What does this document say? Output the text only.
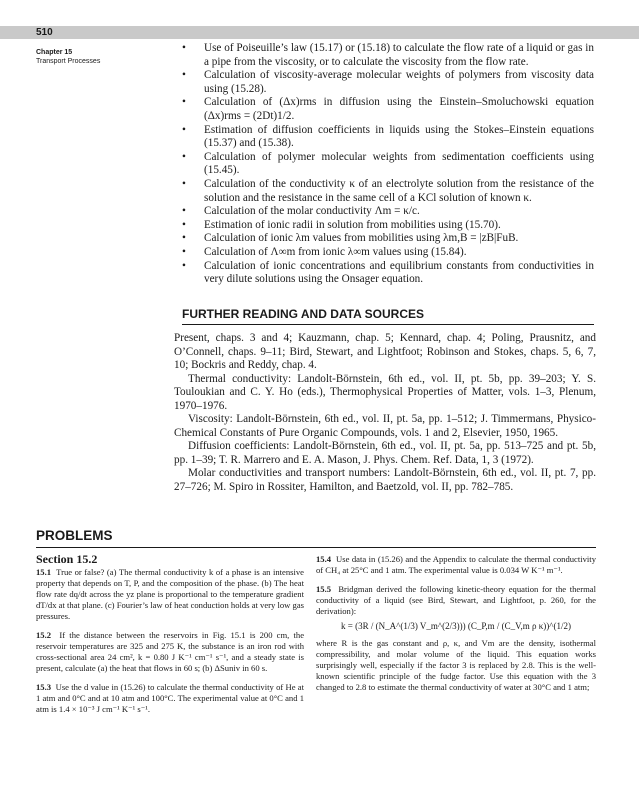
510
Chapter 15
Transport Processes
• Use of Poiseuille’s law (15.17) or (15.18) to calculate the flow rate of a liquid or gas in a pipe from the viscosity, or to calculate the viscosity from the flow rate.
• Calculation of viscosity-average molecular weights of polymers from viscosity data using (15.28).
• Calculation of (Δx)rms in diffusion using the Einstein–Smoluchowski equation (Δx)rms = (2Dt)1/2.
• Estimation of diffusion coefficients in liquids using the Stokes–Einstein equations (15.37) and (15.38).
• Calculation of polymer molecular weights from sedimentation coefficients using (15.45).
• Calculation of the conductivity κ of an electrolyte solution from the resistance of the solution and the resistance in the same cell of a KCl solution of known κ.
• Calculation of the molar conductivity Λm = κ/c.
• Estimation of ionic radii in solution from mobilities using (15.70).
• Calculation of ionic λm values from mobilities using λm,B = |zB|FuB.
• Calculation of Λ∞m from ionic λ∞m values using (15.84).
• Calculation of ionic concentrations and equilibrium constants from conductivities in very dilute solutions using the Onsager equation.
FURTHER READING AND DATA SOURCES

Present, chaps. 3 and 4; Kauzmann, chap. 5; Kennard, chap. 4; Poling, Prausnitz, and O’Connell, chaps. 9–11; Bird, Stewart, and Lightfoot; Robinson and Stokes, chaps. 5, 6, 7, 10; Bockris and Reddy, chap. 4.

Thermal conductivity: Landolt-Börnstein, 6th ed., vol. II, pt. 5b, pp. 39–203; Y. S. Touloukian and C. Y. Ho (eds.), Thermophysical Properties of Matter, vols. 1–3, Plenum, 1970–1976.

Viscosity: Landolt-Börnstein, 6th ed., vol. II, pt. 5a, pp. 1–512; J. Timmermans, Physico-Chemical Constants of Pure Organic Compounds, vols. 1 and 2, Elsevier, 1950, 1965.

Diffusion coefficients: Landolt-Börnstein, 6th ed., vol. II, pt. 5a, pp. 513–725 and pt. 5b, pp. 1–39; T. R. Marrero and E. A. Mason, J. Phys. Chem. Ref. Data, 1, 3 (1972).

Molar conductivities and transport numbers: Landolt-Börnstein, 6th ed., vol. II, pt. 7, pp. 27–726; M. Spiro in Rossiter, Hamilton, and Baetzold, vol. II, pp. 782–785.

PROBLEMS

Section 15.2

15.1 True or false? (a) The thermal conductivity k of a phase is an intensive property that depends on T, P, and the composition of the phase. (b) The heat flow rate dq/dt across the yz plane is proportional to the temperature gradient dT/dx at that plane. (c) Fourier’s law of heat conduction holds at very low gas pressures.

15.2 If the distance between the reservoirs in Fig. 15.1 is 200 cm, the reservoir temperatures are 325 and 275 K, the substance is an iron rod with cross-sectional area 24 cm², k = 0.80 J K⁻¹ cm⁻¹ s⁻¹, and a steady state is present, calculate (a) the heat that flows in 60 s; (b) ΔSuniv in 60 s.

15.3 Use the d value in (15.26) to calculate the thermal conductivity of He at 1 atm and 0°C and at 10 atm and 100°C. The experimental value at 0°C and 1 atm is 1.4 × 10⁻³ J cm⁻¹ K⁻¹ s⁻¹.

15.4 Use data in (15.26) and the Appendix to calculate the thermal conductivity of CH₄ at 25°C and 1 atm. The experimental value is 0.034 W K⁻¹ m⁻¹.

15.5 Bridgman derived the following kinetic-theory equation for the thermal conductivity of a liquid (see Bird, Stewart, and Lightfoot, p. 260, for the derivation):

k = (3R / (N_A^(1/3) V_m^(2/3))) (C_P,m / (C_V,m ρ κ))^(1/2)

where R is the gas constant and ρ, κ, and Vm are the density, isothermal compressibility, and molar volume of the liquid. This equation works surprisingly well, especially if the factor 3 is replaced by 2.8. This is the well-known scientific principle of the fudge factor. Use this equation with the 3 changed to 2.8 to estimate the thermal conductivity of water at 30°C and 1 atm;
